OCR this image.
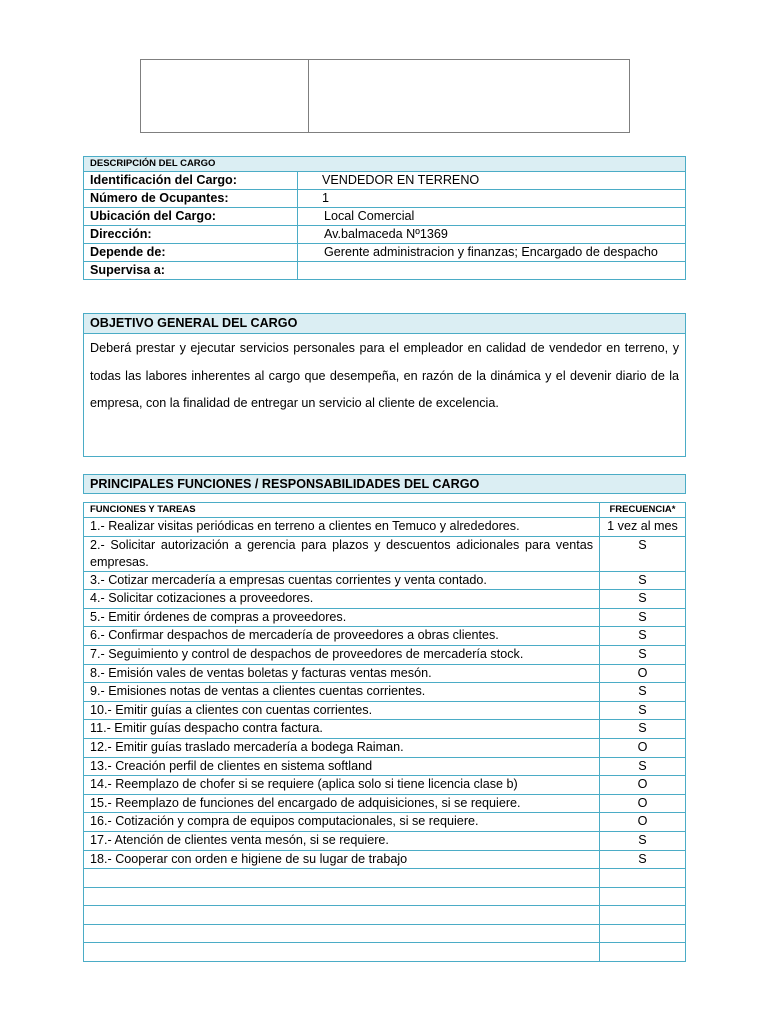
DESCRIPCIÓN DEL CARGO	
Identificación del Cargo:	VENDEDOR EN TERRENO
Número de Ocupantes:	1
Ubicación del Cargo:	Local Comercial
Dirección:	Av.balmaceda Nº1369
Depende de:	Gerente administracion y finanzas; Encargado de despacho
Supervisa a:	
OBJETIVO GENERAL DEL CARGO
Deberá prestar y ejecutar servicios personales para el empleador en calidad de vendedor en terreno, y todas las labores inherentes al cargo que desempeña, en razón de la dinámica y el devenir diario de la empresa, con la finalidad de entregar un servicio al cliente de excelencia.
PRINCIPALES FUNCIONES / RESPONSABILIDADES DEL CARGO
FUNCIONES Y TAREAS	FRECUENCIA*
1.- Realizar visitas periódicas en terreno a clientes en Temuco y alrededores.	1 vez al mes
2.- Solicitar autorización a gerencia para plazos y descuentos adicionales para ventas empresas.	S
3.- Cotizar mercadería a empresas cuentas corrientes y venta contado.	S
4.- Solicitar cotizaciones a proveedores.	S
5.- Emitir órdenes de compras a proveedores.	S
6.- Confirmar despachos de mercadería de proveedores a obras clientes.	S
7.- Seguimiento y control de despachos de proveedores de mercadería stock.	S
8.- Emisión vales de ventas boletas y facturas ventas mesón.	O
9.- Emisiones notas de ventas a clientes cuentas corrientes.	S
10.- Emitir guías a clientes con cuentas corrientes.	S
11.- Emitir guías despacho contra factura.	S
12.- Emitir guías traslado mercadería a bodega Raiman.	O
13.- Creación perfil de clientes en sistema softland	S
14.- Reemplazo de chofer si se requiere (aplica solo si tiene licencia clase b)	O
15.- Reemplazo de funciones del encargado de adquisiciones, si se requiere.	O
16.- Cotización y compra de equipos computacionales, si se requiere.	O
17.- Atención de clientes venta mesón, si se requiere.	S
18.- Cooperar con orden e higiene de su lugar de trabajo	S
